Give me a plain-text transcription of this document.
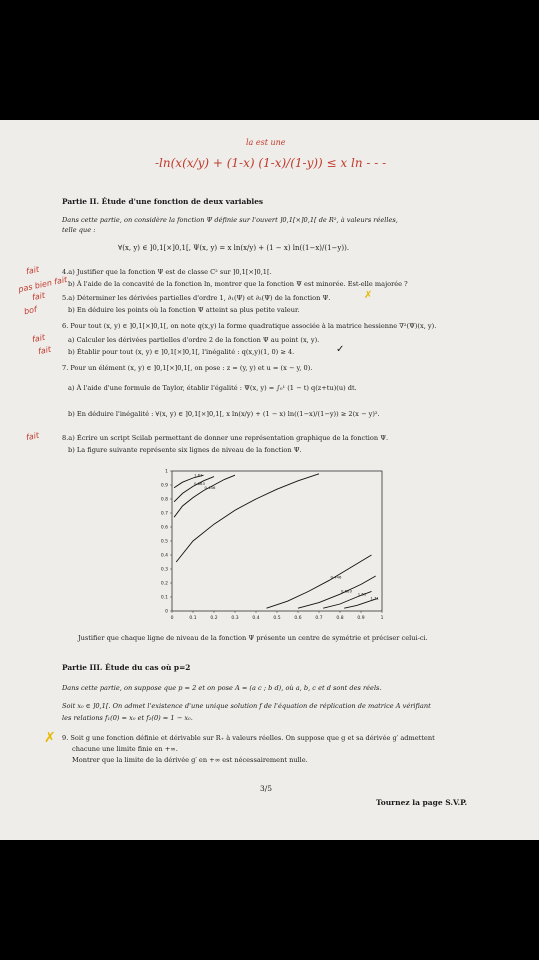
la est une
-ln(x(x/y) + (1-x) (1-x)/(1-y)) ≤ x ln - - -
Partie II. Étude d'une fonction de deux variables
Dans cette partie, on considère la fonction Ψ définie sur l'ouvert ]0,1[×]0,1[ de R², à valeurs réelles,
telle que :
∀(x, y) ∈ ]0,1[×]0,1[, Ψ(x, y) = x ln(x/y) + (1 − x) ln((1−x)/(1−y)).
fait	4.a) Justifier que la fonction Ψ est de classe C² sur ]0,1[×]0,1[.
pas bien fait b) À l'aide de la concavité de la fonction ln, montrer que la fonction Ψ est minorée. Est-elle majorée ?
fait 5.a) Déterminer les dérivées partielles d'ordre 1, ∂₁(Ψ) et ∂₂(Ψ) de la fonction Ψ.	✗
bof	b) En déduire les points où la fonction Ψ atteint sa plus petite valeur.
6. Pour tout (x, y) ∈ ]0,1[×]0,1[, on note q(x,y) la forme quadratique associée à la matrice hessienne ∇²(Ψ)(x, y).
fait	a) Calculer les dérivées partielles d'ordre 2 de la fonction Ψ au point (x, y).
fait b) Établir pour tout (x, y) ∈ ]0,1[×]0,1[, l'inégalité : q(x,y)(1, 0) ≥ 4.	✓
7. Pour un élément (x, y) ∈ ]0,1[×]0,1[, on pose : z = (y, y) et u = (x − y, 0).
a) À l'aide d'une formule de Taylor, établir l'égalité : Ψ(x, y) = ∫₀¹ (1 − t) q(z+tu)(u) dt.
b) En déduire l'inégalité : ∀(x, y) ∈ ]0,1[×]0,1[, x ln(x/y) + (1 − x) ln((1−x)/(1−y)) ≥ 2(x − y)².
fait	8.a) Écrire un script Scilab permettant de donner une représentation graphique de la fonction Ψ.
b) La figure suivante représente six lignes de niveau de la fonction Ψ.
0	0.1	0.2	0.3	0.4	0.5	0.6	0.7	0.8	0.9	1
0
0.1
0.2
0.3
0.4
0.5
0.6
0.7
0.8
0.9
1
1.61
0.863
0.446
0.446
0.863
1.61
1.71
Justifier que chaque ligne de niveau de la fonction Ψ présente un centre de symétrie et préciser celui-ci.
Partie III. Étude du cas où p=2
Dans cette partie, on suppose que p = 2 et on pose A = (a c ; b d), où a, b, c et d sont des réels.
Soit x₀ ∈ ]0,1[. On admet l'existence d'une unique solution f de l'équation de réplication de matrice A vérifiant
les relations f₁(0) = x₀ et f₂(0) = 1 − x₀.
✗ 9. Soit g une fonction définie et dérivable sur R₊ à valeurs réelles. On suppose que g et sa dérivée g′ admettent
chacune une limite finie en +∞.
Montrer que la limite de la dérivée g′ en +∞ est nécessairement nulle.
3/5
Tournez la page S.V.P.
